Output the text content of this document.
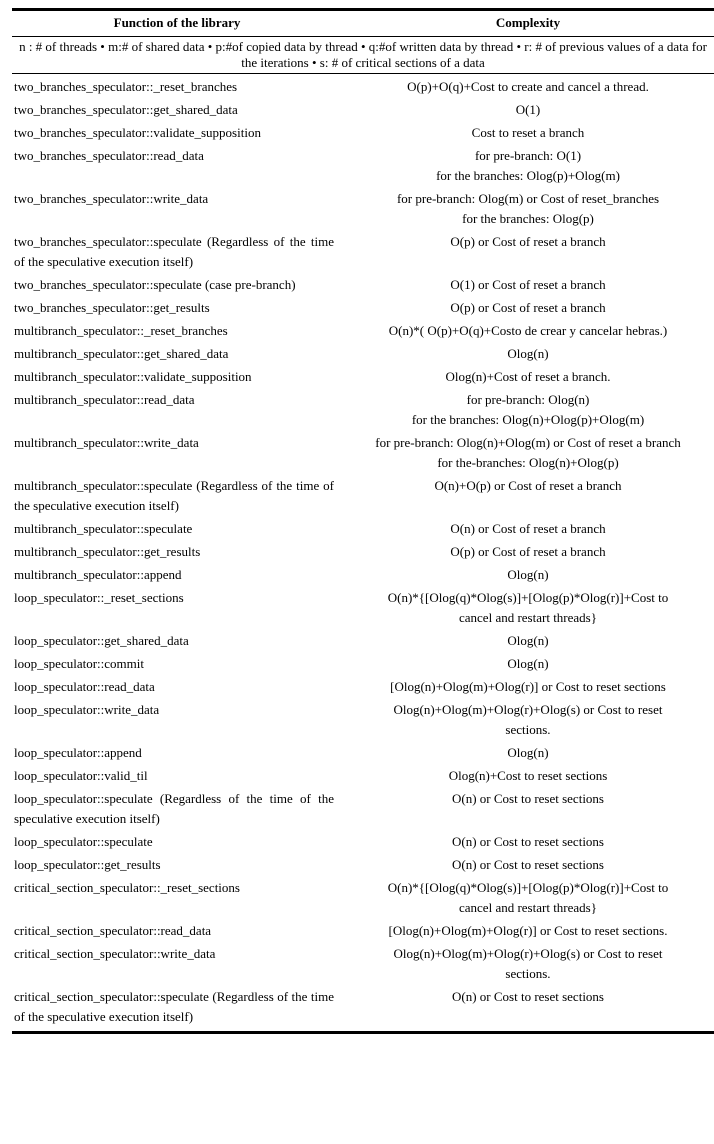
Function of the library	Complexity
n : # of threads • m:# of shared data • p:#of copied data by thread • q:#of written data by thread • r: # of previous values of a data for the iterations • s: # of critical sections of a data	
two_branches_speculator::_reset_branches	O(p)+O(q)+Cost to create and cancel a thread.
two_branches_speculator::get_shared_data	O(1)
two_branches_speculator::validate_supposition	Cost to reset a branch
two_branches_speculator::read_data	for pre-branch: O(1)
for the branches: Olog(p)+Olog(m)
two_branches_speculator::write_data	for pre-branch: Olog(m) or Cost of reset_branches
for the branches: Olog(p)
two_branches_speculator::speculate (Regardless of the time of the speculative execution itself)	O(p) or Cost of reset a branch
two_branches_speculator::speculate (case pre-branch)	O(1) or Cost of reset a branch
two_branches_speculator::get_results	O(p) or Cost of reset a branch
multibranch_speculator::_reset_branches	O(n)*( O(p)+O(q)+Costo de crear y cancelar hebras.)
multibranch_speculator::get_shared_data	Olog(n)
multibranch_speculator::validate_supposition	Olog(n)+Cost of reset a branch.
multibranch_speculator::read_data	for pre-branch: Olog(n)
for the branches: Olog(n)+Olog(p)+Olog(m)
multibranch_speculator::write_data	for pre-branch: Olog(n)+Olog(m) or Cost of reset a branch
for the-branches: Olog(n)+Olog(p)
multibranch_speculator::speculate (Regardless of the time of the speculative execution itself)	O(n)+O(p) or Cost of reset a branch
multibranch_speculator::speculate	O(n) or Cost of reset a branch
multibranch_speculator::get_results	O(p) or Cost of reset a branch
multibranch_speculator::append	Olog(n)
loop_speculator::_reset_sections	O(n)*{[Olog(q)*Olog(s)]+[Olog(p)*Olog(r)]+Cost to
cancel and restart threads}
loop_speculator::get_shared_data	Olog(n)
loop_speculator::commit	Olog(n)
loop_speculator::read_data	[Olog(n)+Olog(m)+Olog(r)] or Cost to reset sections
loop_speculator::write_data	Olog(n)+Olog(m)+Olog(r)+Olog(s) or Cost to reset
sections.
loop_speculator::append	Olog(n)
loop_speculator::valid_til	Olog(n)+Cost to reset sections
loop_speculator::speculate (Regardless of the time of the speculative execution itself)	O(n) or Cost to reset sections
loop_speculator::speculate	O(n) or Cost to reset sections
loop_speculator::get_results	O(n) or Cost to reset sections
critical_section_speculator::_reset_sections	O(n)*{[Olog(q)*Olog(s)]+[Olog(p)*Olog(r)]+Cost to
cancel and restart threads}
critical_section_speculator::read_data	[Olog(n)+Olog(m)+Olog(r)] or Cost to reset sections.
critical_section_speculator::write_data	Olog(n)+Olog(m)+Olog(r)+Olog(s) or Cost to reset
sections.
critical_section_speculator::speculate (Regardless of the time of the speculative execution itself)	O(n) or Cost to reset sections
